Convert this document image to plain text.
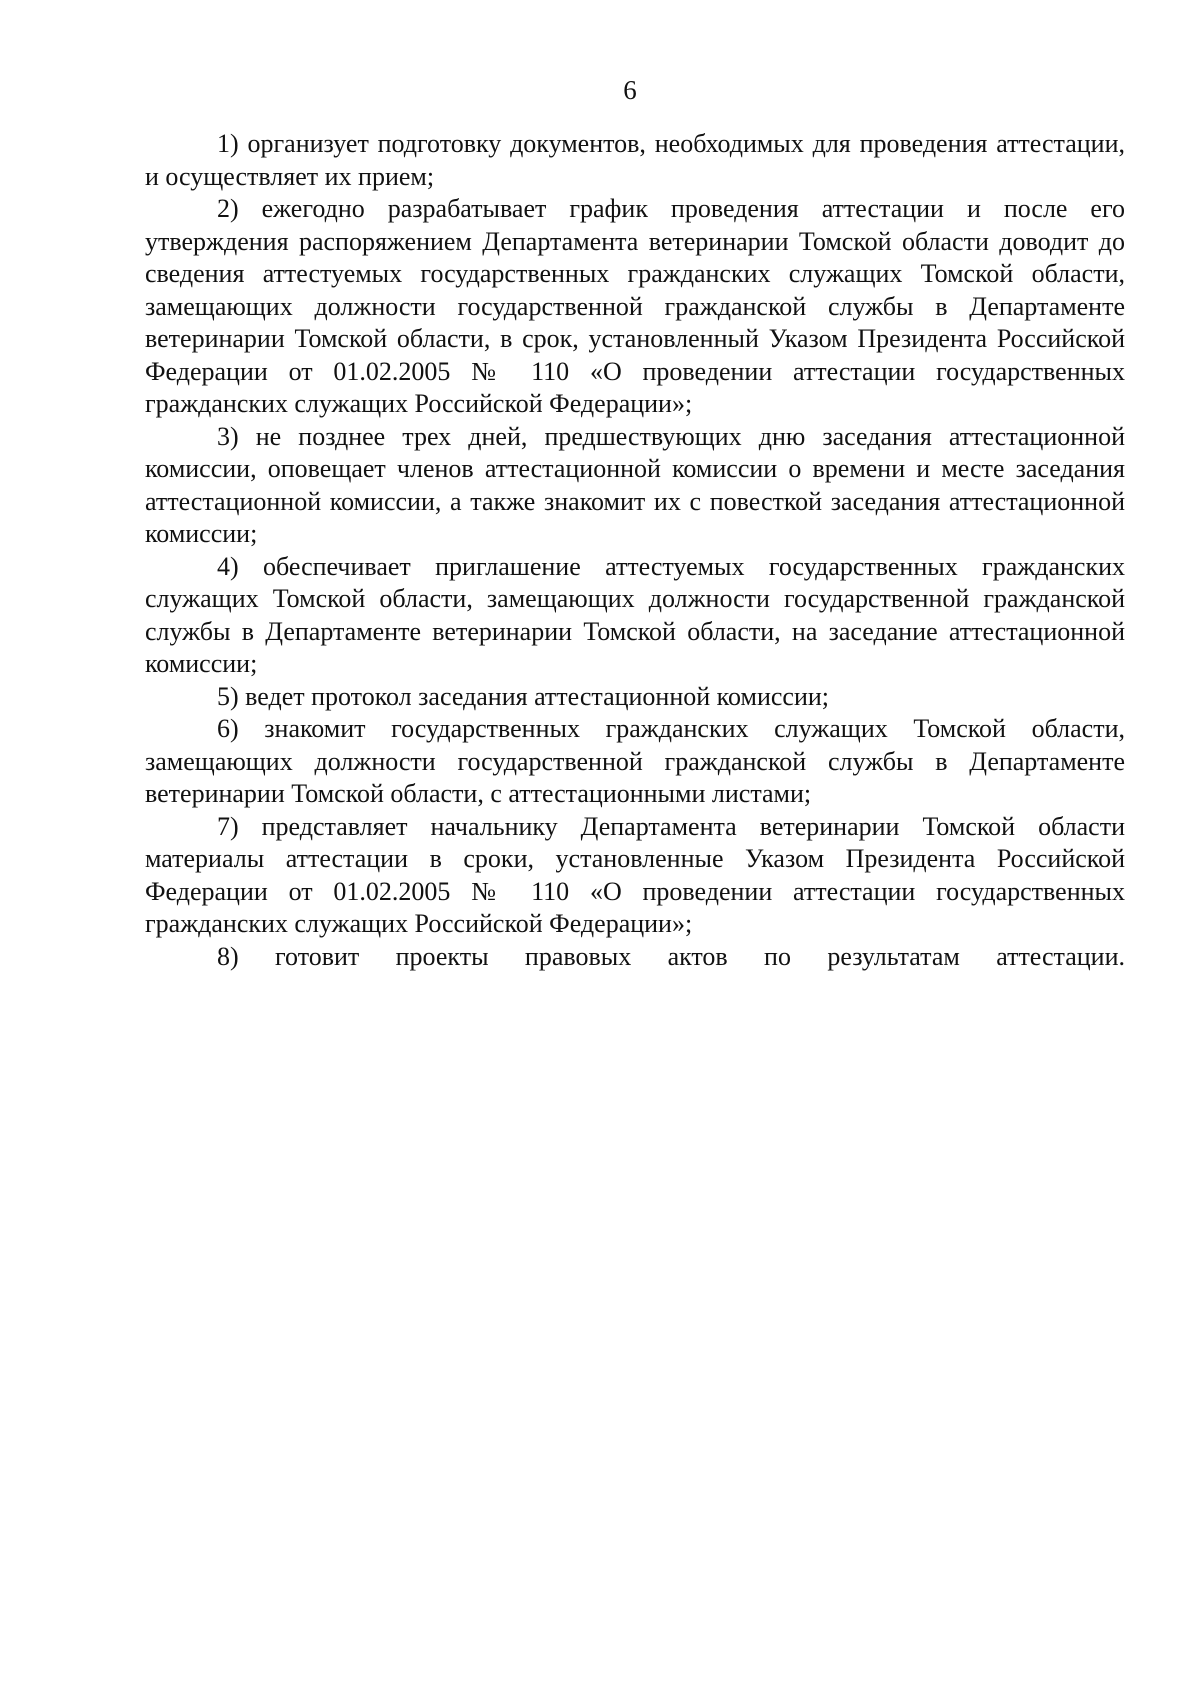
6

1) организует подготовку документов, необходимых для проведения аттестации, и осуществляет их прием;

2) ежегодно разрабатывает график проведения аттестации и после его утверждения распоряжением Департамента ветеринарии Томской области доводит до сведения аттестуемых государственных гражданских служащих Томской области, замещающих должности государственной гражданской службы в Департаменте ветеринарии Томской области, в срок, установленный Указом Президента Российской Федерации от 01.02.2005 № 110 «О проведении аттестации государственных гражданских служащих Российской Федерации»;

3) не позднее трех дней, предшествующих дню заседания аттестационной комиссии, оповещает членов аттестационной комиссии о времени и месте заседания аттестационной комиссии, а также знакомит их с повесткой заседания аттестационной комиссии;

4) обеспечивает приглашение аттестуемых государственных гражданских служащих Томской области, замещающих должности государственной гражданской службы в Департаменте ветеринарии Томской области, на заседание аттестационной комиссии;

5) ведет протокол заседания аттестационной комиссии;

6) знакомит государственных гражданских служащих Томской области, замещающих должности государственной гражданской службы в Департаменте ветеринарии Томской области, с аттестационными листами;

7) представляет начальнику Департамента ветеринарии Томской области материалы аттестации в сроки, установленные Указом Президента Российской Федерации от 01.02.2005 № 110 «О проведении аттестации государственных гражданских служащих Российской Федерации»;

8) готовит проекты правовых актов по результатам аттестации.
